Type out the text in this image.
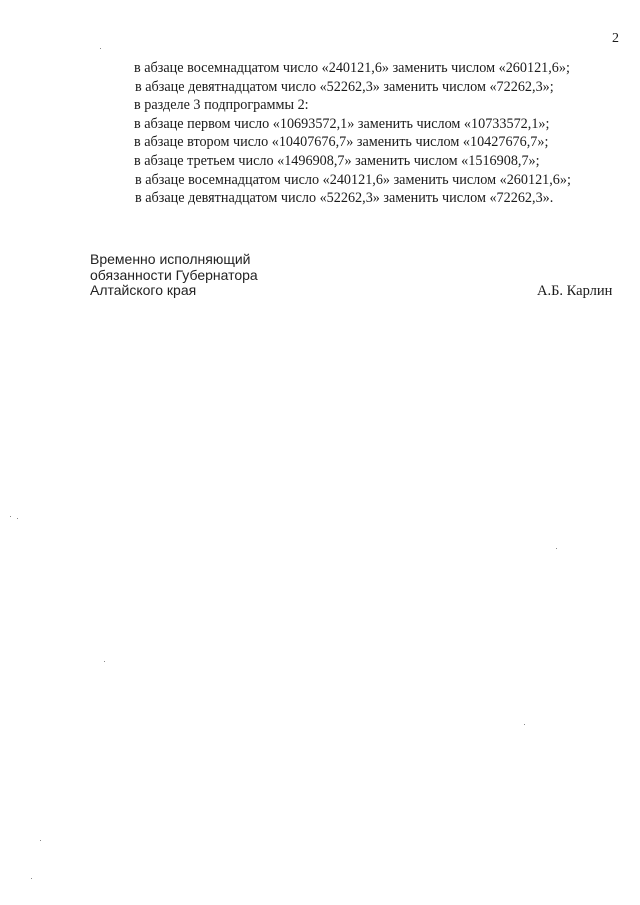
2
в абзаце восемнадцатом число «240121,6» заменить числом «260121,6»;
в абзаце девятнадцатом число «52262,3» заменить числом «72262,3»;
в разделе 3 подпрограммы 2:
в абзаце первом число «10693572,1» заменить числом «10733572,1»;
в абзаце втором число «10407676,7» заменить числом «10427676,7»;
в абзаце третьем число «1496908,7» заменить числом «1516908,7»;
в абзаце восемнадцатом число «240121,6» заменить числом «260121,6»;
в абзаце девятнадцатом число «52262,3» заменить числом «72262,3».
Временно исполняющий
обязанности Губернатора
Алтайского края	А.Б. Карлин
